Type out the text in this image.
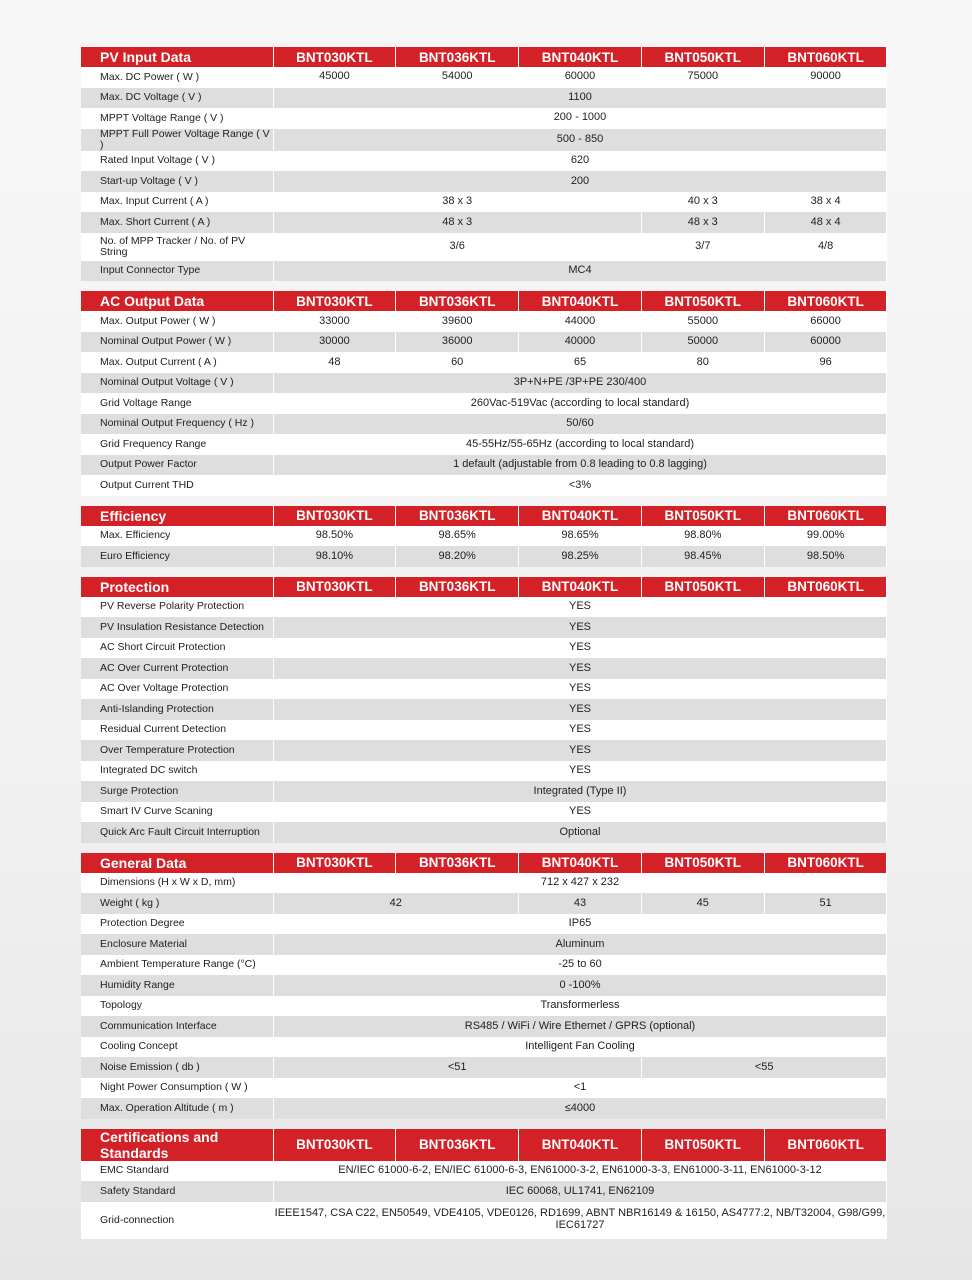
PV Input Data	BNT030KTL	BNT036KTL	BNT040KTL	BNT050KTL	BNT060KTL
Max. DC Power ( W )	45000	54000	60000	75000	90000
Max. DC Voltage ( V )	1100				
MPPT Voltage Range ( V )	200 - 1000				
MPPT Full Power Voltage Range ( V )	500 - 850				
Rated Input Voltage ( V )	620				
Start-up Voltage ( V )	200				
Max. Input Current ( A )	38 x 3			40 x 3	38 x 4
Max. Short Current ( A )	48 x 3			48 x 3	48 x 4
No. of MPP Tracker / No. of PV String	3/6			3/7	4/8
Input Connector Type	MC4				
AC Output Data	BNT030KTL	BNT036KTL	BNT040KTL	BNT050KTL	BNT060KTL
Max. Output Power ( W )	33000	39600	44000	55000	66000
Nominal Output Power ( W )	30000	36000	40000	50000	60000
Max. Output Current ( A )	48	60	65	80	96
Nominal Output Voltage ( V )	3P+N+PE /3P+PE 230/400				
Grid Voltage Range	260Vac-519Vac (according to local standard)				
Nominal Output Frequency ( Hz )	50/60				
Grid Frequency Range	45-55Hz/55-65Hz (according to local standard)				
Output Power Factor	1 default (adjustable from 0.8 leading to 0.8 lagging)				
Output Current THD	<3%				
Efficiency	BNT030KTL	BNT036KTL	BNT040KTL	BNT050KTL	BNT060KTL
Max. Efficiency	98.50%	98.65%	98.65%	98.80%	99.00%
Euro Efficiency	98.10%	98.20%	98.25%	98.45%	98.50%
Protection	BNT030KTL	BNT036KTL	BNT040KTL	BNT050KTL	BNT060KTL
PV Reverse Polarity Protection	YES				
PV Insulation Resistance Detection	YES				
AC Short Circuit Protection	YES				
AC Over Current Protection	YES				
AC Over Voltage Protection	YES				
Anti-Islanding Protection	YES				
Residual Current Detection	YES				
Over Temperature Protection	YES				
Integrated DC switch	YES				
Surge Protection	Integrated (Type II)				
Smart IV Curve Scaning	YES				
Quick Arc Fault Circuit Interruption	Optional				
General Data	BNT030KTL	BNT036KTL	BNT040KTL	BNT050KTL	BNT060KTL
Dimensions (H x W x D, mm)	712 x 427 x 232				
Weight ( kg )	42		43	45	51
Protection Degree	IP65				
Enclosure Material	Aluminum				
Ambient Temperature Range (°C)	-25 to 60				
Humidity Range	0 -100%				
Topology	Transformerless				
Communication Interface	RS485 / WiFi / Wire Ethernet / GPRS (optional)				
Cooling Concept	Intelligent Fan Cooling				
Noise Emission ( db )	<51			<55	
Night Power Consumption ( W )	<1				
Max. Operation Altitude ( m )	≤4000				
Certifications and Standards	BNT030KTL	BNT036KTL	BNT040KTL	BNT050KTL	BNT060KTL
EMC Standard	EN/IEC 61000-6-2, EN/IEC 61000-6-3, EN61000-3-2, EN61000-3-3, EN61000-3-11, EN61000-3-12				
Safety Standard	IEC 60068, UL1741, EN62109				
Grid-connection	IEEE1547, CSA C22, EN50549, VDE4105, VDE0126, RD1699, ABNT NBR16149 & 16150, AS4777.2, NB/T32004, G98/G99, IEC61727				
